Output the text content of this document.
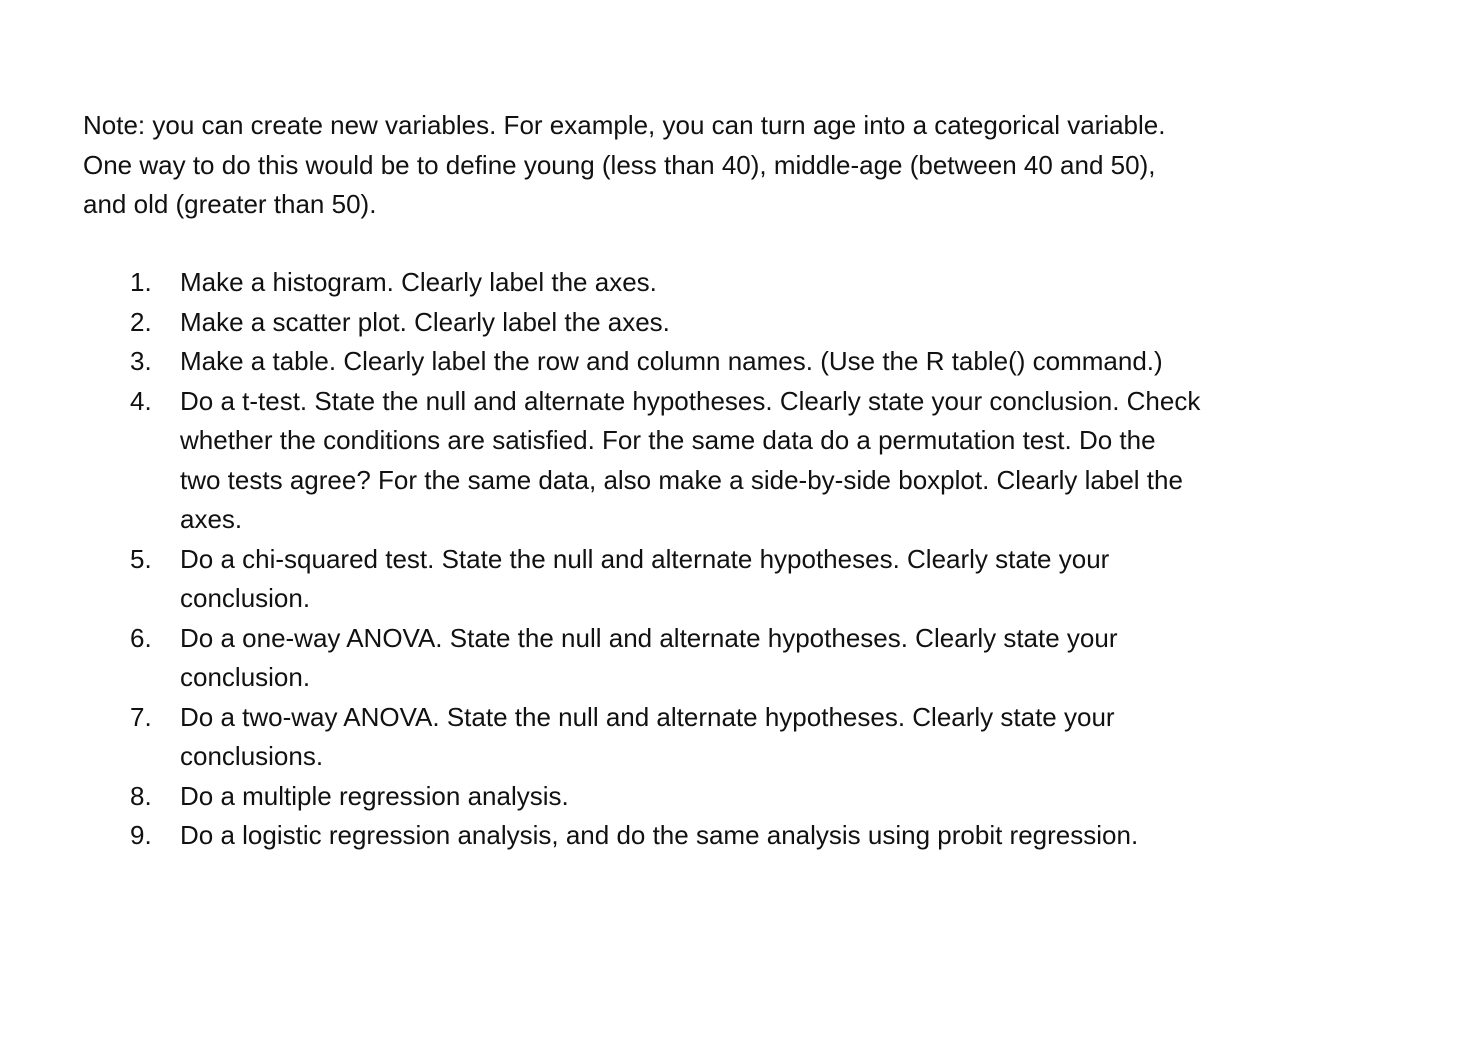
Note: you can create new variables. For example, you can turn age into a categorical variable.
One way to do this would be to define young (less than 40), middle-age (between 40 and 50),
and old (greater than 50).

1. Make a histogram. Clearly label the axes.
2. Make a scatter plot. Clearly label the axes.
3. Make a table. Clearly label the row and column names. (Use the R table() command.)
4. Do a t-test. State the null and alternate hypotheses. Clearly state your conclusion. Check
whether the conditions are satisfied. For the same data do a permutation test. Do the
two tests agree? For the same data, also make a side-by-side boxplot. Clearly label the
axes.
5. Do a chi-squared test. State the null and alternate hypotheses. Clearly state your
conclusion.
6. Do a one-way ANOVA. State the null and alternate hypotheses. Clearly state your
conclusion.
7. Do a two-way ANOVA. State the null and alternate hypotheses. Clearly state your
conclusions.
8. Do a multiple regression analysis.
9. Do a logistic regression analysis, and do the same analysis using probit regression.
